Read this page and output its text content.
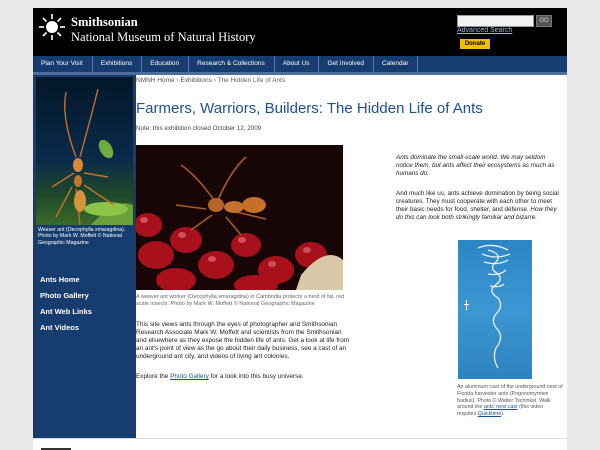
Smithsonian
National Museum of Natural History
GO
Advanced Search
Donate
Plan Your Visit	Exhibitions	Education	Research & Collections	About Us	Get Involved	Calendar
Weaver ant (Oecophylla smaragdina). Photo by Mark W. Moffett © National Geographic Magazine
Ants Home
Photo Gallery
Ant Web Links
Ant Videos
NMNH Home › Exhibitions › The Hidden Life of Ants
Farmers, Warriors, Builders: The Hidden Life of Ants
Note: this exhibition closed October 12, 2009
A weaver ant worker (Oecophylla smaragdina) in Cambodia protects a herd of fat, red scale insects. Photo by Mark W. Moffett © National Geographic Magazine
This site views ants through the eyes of photographer and Smithsonian Research Associate Mark W. Moffett and scientists from the Smithsonian and elsewhere as they expose the hidden life of ants. Get a look at life from an ant's point of view as the go about their daily business, see a cast of an underground ant city, and videos of living ant colonies.
Explore the Photo Gallery for a look into this busy universe.
Ants dominate the small-scale world. We may seldom notice them, but ants affect their ecosystems as much as humans do.
And much like us, ants achieve domination by being social creatures. They must cooperate with each other to meet their basic needs for food, shelter, and defense. How they do this can look both strikingly familiar and bizarre.
An aluminum cast of the underground nest of Florida harvester ants (Pogonomyrmex badius). Photo © Walter Tschinkel. Walk around the ants' nest cast (this video requires Quicktime).
